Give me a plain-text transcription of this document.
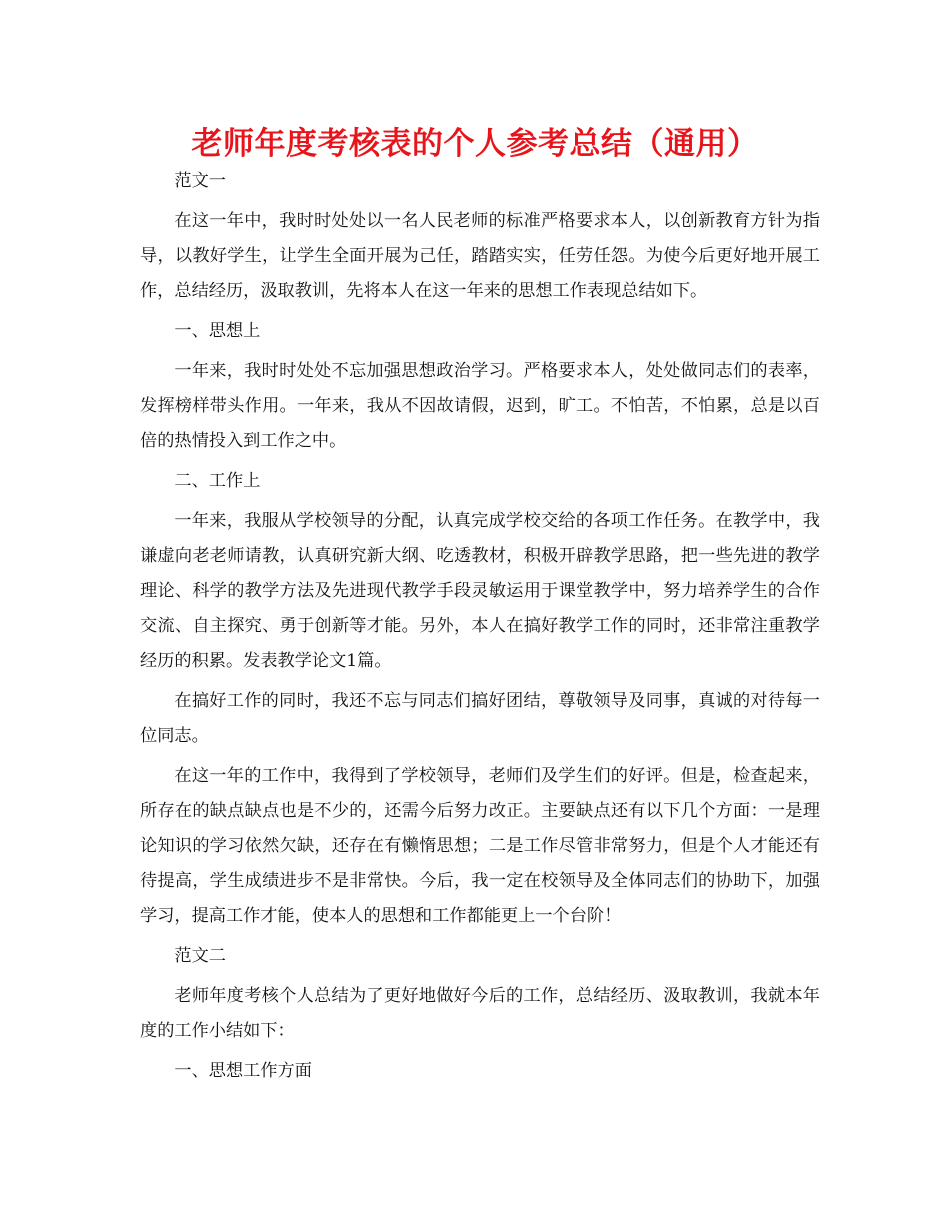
老师年度考核表的个人参考总结（通用）

范文一

在这一年中，我时时处处以一名人民老师的标准严格要求本人，以创新教育方针为指导，以教好学生，让学生全面开展为己任，踏踏实实，任劳任怨。为使今后更好地开展工作，总结经历，汲取教训，先将本人在这一年来的思想工作表现总结如下。

一、思想上

一年来，我时时处处不忘加强思想政治学习。严格要求本人，处处做同志们的表率，发挥榜样带头作用。一年来，我从不因故请假，迟到，旷工。不怕苦，不怕累，总是以百倍的热情投入到工作之中。

二、工作上

一年来，我服从学校领导的分配，认真完成学校交给的各项工作任务。在教学中，我谦虚向老老师请教，认真研究新大纲、吃透教材，积极开辟教学思路，把一些先进的教学理论、科学的教学方法及先进现代教学手段灵敏运用于课堂教学中，努力培养学生的合作交流、自主探究、勇于创新等才能。另外，本人在搞好教学工作的同时，还非常注重教学经历的积累。发表教学论文1篇。

在搞好工作的同时，我还不忘与同志们搞好团结，尊敬领导及同事，真诚的对待每一位同志。

在这一年的工作中，我得到了学校领导，老师们及学生们的好评。但是，检查起来，所存在的缺点缺点也是不少的，还需今后努力改正。主要缺点还有以下几个方面：一是理论知识的学习依然欠缺，还存在有懒惰思想；二是工作尽管非常努力，但是个人才能还有待提高，学生成绩进步不是非常快。今后，我一定在校领导及全体同志们的协助下，加强学习，提高工作才能，使本人的思想和工作都能更上一个台阶！

范文二

老师年度考核个人总结为了更好地做好今后的工作，总结经历、汲取教训，我就本年度的工作小结如下：

一、思想工作方面
